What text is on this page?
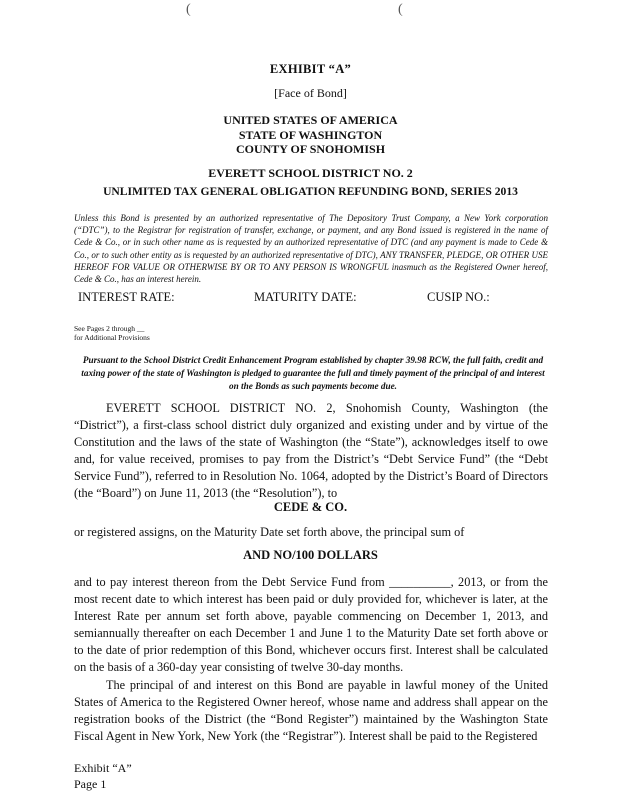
(	(
EXHIBIT “A”
[Face of Bond]
UNITED STATES OF AMERICA
STATE OF WASHINGTON
COUNTY OF SNOHOMISH
EVERETT SCHOOL DISTRICT NO. 2
UNLIMITED TAX GENERAL OBLIGATION REFUNDING BOND, SERIES 2013
Unless this Bond is presented by an authorized representative of The Depository Trust Company, a New York corporation (“DTC”), to the Registrar for registration of transfer, exchange, or payment, and any Bond issued is registered in the name of Cede & Co., or in such other name as is requested by an authorized representative of DTC (and any payment is made to Cede & Co., or to such other entity as is requested by an authorized representative of DTC), ANY TRANSFER, PLEDGE, OR OTHER USE HEREOF FOR VALUE OR OTHERWISE BY OR TO ANY PERSON IS WRONGFUL inasmuch as the Registered Owner hereof, Cede & Co., has an interest herein.
INTEREST RATE:	MATURITY DATE:	CUSIP NO.:
See Pages 2 through __
for Additional Provisions
Pursuant to the School District Credit Enhancement Program established by chapter 39.98 RCW, the full faith, credit and taxing power of the state of Washington is pledged to guarantee the full and timely payment of the principal of and interest on the Bonds as such payments become due.
EVERETT SCHOOL DISTRICT NO. 2, Snohomish County, Washington (the “District”), a first-class school district duly organized and existing under and by virtue of the Constitution and the laws of the state of Washington (the “State”), acknowledges itself to owe and, for value received, promises to pay from the District’s “Debt Service Fund” (the “Debt Service Fund”), referred to in Resolution No. 1064, adopted by the District’s Board of Directors (the “Board”) on June 11, 2013 (the “Resolution”), to
CEDE & CO.
or registered assigns, on the Maturity Date set forth above, the principal sum of
AND NO/100 DOLLARS
and to pay interest thereon from the Debt Service Fund from __________, 2013, or from the most recent date to which interest has been paid or duly provided for, whichever is later, at the Interest Rate per annum set forth above, payable commencing on December 1, 2013, and semiannually thereafter on each December 1 and June 1 to the Maturity Date set forth above or to the date of prior redemption of this Bond, whichever occurs first. Interest shall be calculated on the basis of a 360-day year consisting of twelve 30-day months.
The principal of and interest on this Bond are payable in lawful money of the United States of America to the Registered Owner hereof, whose name and address shall appear on the registration books of the District (the “Bond Register”) maintained by the Washington State Fiscal Agent in New York, New York (the “Registrar”). Interest shall be paid to the Registered
Exhibit “A”
Page 1
